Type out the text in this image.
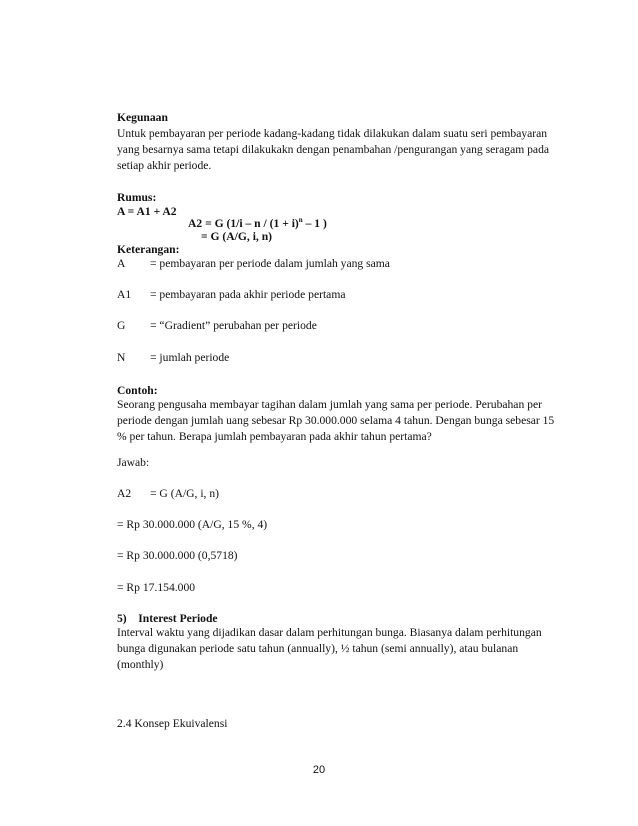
Kegunaan
Untuk pembayaran per periode kadang-kadang tidak dilakukan dalam suatu seri pembayaran yang besarnya sama tetapi dilakukakn dengan penambahan /pengurangan yang seragam pada setiap akhir periode.
Rumus:
A = A1 + A2
A2 = G ($1/i - n / (1 + i)^n - 1$ )
= G (A/G, i, n)
Keterangan:
A = pembayaran per periode dalam jumlah yang sama
A1 = pembayaran pada akhir periode pertama
G = “Gradient” perubahan per periode
N = jumlah periode
Contoh:
Seorang pengusaha membayar tagihan dalam jumlah yang sama per periode. Perubahan per periode dengan jumlah uang sebesar Rp 30.000.000 selama 4 tahun. Dengan bunga sebesar 15 % per tahun. Berapa jumlah pembayaran pada akhir tahun pertama?
Jawab:
A2 = G (A/G, i, n)
= Rp 30.000.000 (A/G, 15 %, 4)
= Rp 30.000.000 (0,5718)
= Rp 17.154.000
5)    Interest Periode
Interval waktu yang dijadikan dasar dalam perhitungan bunga. Biasanya dalam perhitungan bunga digunakan periode satu tahun (annually), ½ tahun (semi annually), atau bulanan (monthly)
2.4 Konsep Ekuivalensi
20
